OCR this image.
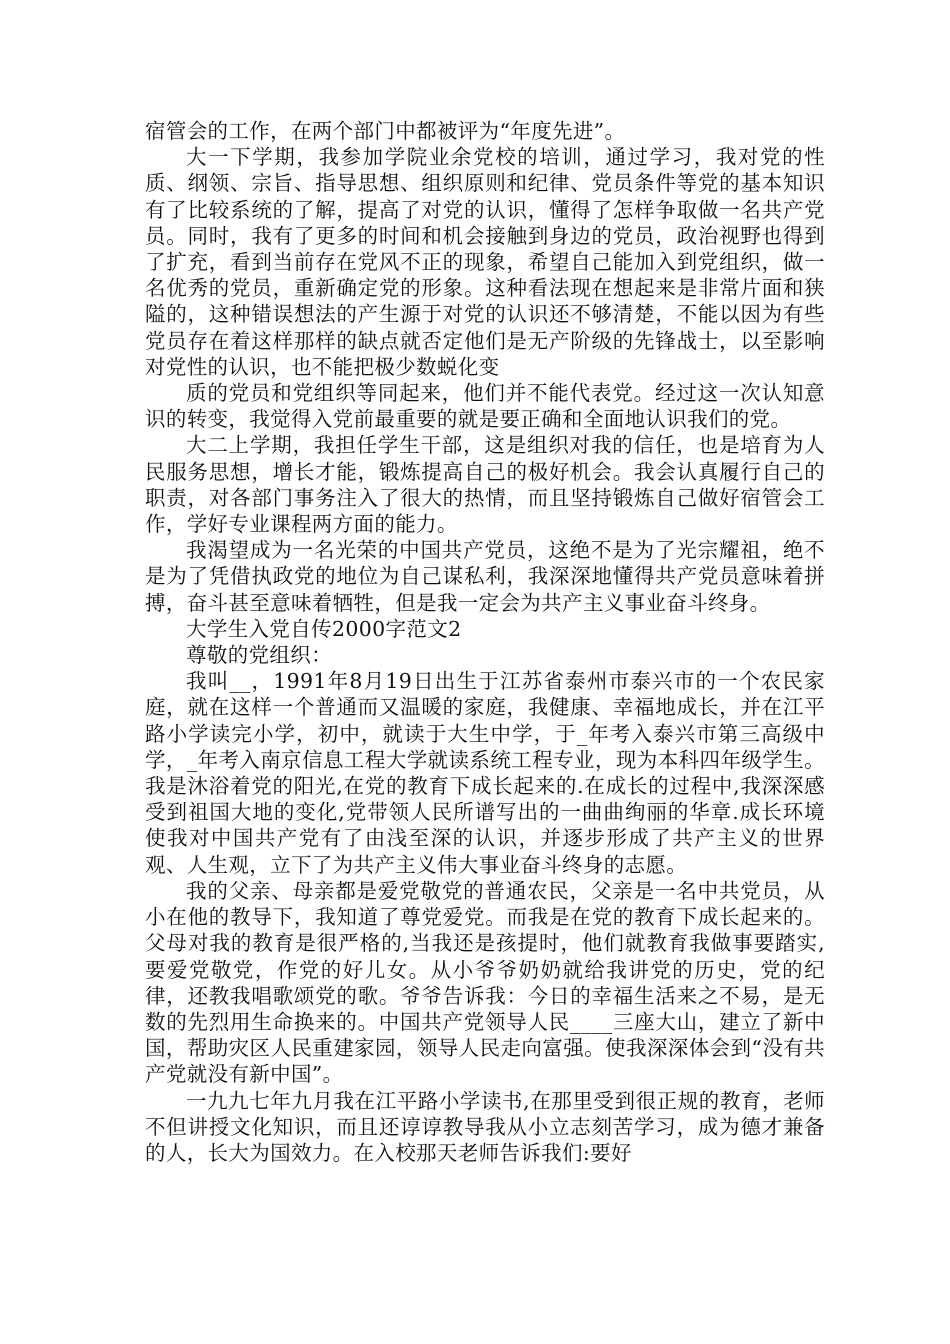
宿管会的工作，在两个部门中都被评为“年度先进”。

大一下学期，我参加学院业余党校的培训，通过学习，我对党的性质、纲领、宗旨、指导思想、组织原则和纪律、党员条件等党的基本知识有了比较系统的了解，提高了对党的认识，懂得了怎样争取做一名共产党员。同时，我有了更多的时间和机会接触到身边的党员，政治视野也得到了扩充，看到当前存在党风不正的现象，希望自己能加入到党组织，做一名优秀的党员，重新确定党的形象。这种看法现在想起来是非常片面和狭隘的，这种错误想法的产生源于对党的认识还不够清楚，不能以因为有些党员存在着这样那样的缺点就否定他们是无产阶级的先锋战士，以至影响对党性的认识，也不能把极少数蜕化变

质的党员和党组织等同起来，他们并不能代表党。经过这一次认知意识的转变，我觉得入党前最重要的就是要正确和全面地认识我们的党。

大二上学期，我担任学生干部，这是组织对我的信任，也是培育为人民服务思想，增长才能，锻炼提高自己的极好机会。我会认真履行自己的职责，对各部门事务注入了很大的热情，而且坚持锻炼自己做好宿管会工作，学好专业课程两方面的能力。

我渴望成为一名光荣的中国共产党员，这绝不是为了光宗耀祖，绝不是为了凭借执政党的地位为自己谋私利，我深深地懂得共产党员意味着拼搏，奋斗甚至意味着牺牲，但是我一定会为共产主义事业奋斗终身。

大学生入党自传2000字范文2

尊敬的党组织：

我叫__，1991年8月19日出生于江苏省泰州市泰兴市的一个农民家庭，就在这样一个普通而又温暖的家庭，我健康、幸福地成长，并在江平路小学读完小学，初中，就读于大生中学，于_年考入泰兴市第三高级中学，_年考入南京信息工程大学就读系统工程专业，现为本科四年级学生。我是沐浴着党的阳光,在党的教育下成长起来的.在成长的过程中,我深深感受到祖国大地的变化,党带领人民所谱写出的一曲曲绚丽的华章.成长环境使我对中国共产党有了由浅至深的认识，并逐步形成了共产主义的世界观、人生观，立下了为共产主义伟大事业奋斗终身的志愿。

我的父亲、母亲都是爱党敬党的普通农民，父亲是一名中共党员，从小在他的教导下，我知道了尊党爱党。而我是在党的教育下成长起来的。父母对我的教育是很严格的,当我还是孩提时，他们就教育我做事要踏实,要爱党敬党，作党的好儿女。从小爷爷奶奶就给我讲党的历史，党的纪律，还教我唱歌颂党的歌。爷爷告诉我：今日的幸福生活来之不易，是无数的先烈用生命换来的。中国共产党领导人民____三座大山，建立了新中国，帮助灾区人民重建家园，领导人民走向富强。使我深深体会到“没有共产党就没有新中国”。

一九九七年九月我在江平路小学读书,在那里受到很正规的教育，老师不但讲授文化知识，而且还谆谆教导我从小立志刻苦学习，成为德才兼备的人，长大为国效力。在入校那天老师告诉我们:要好
